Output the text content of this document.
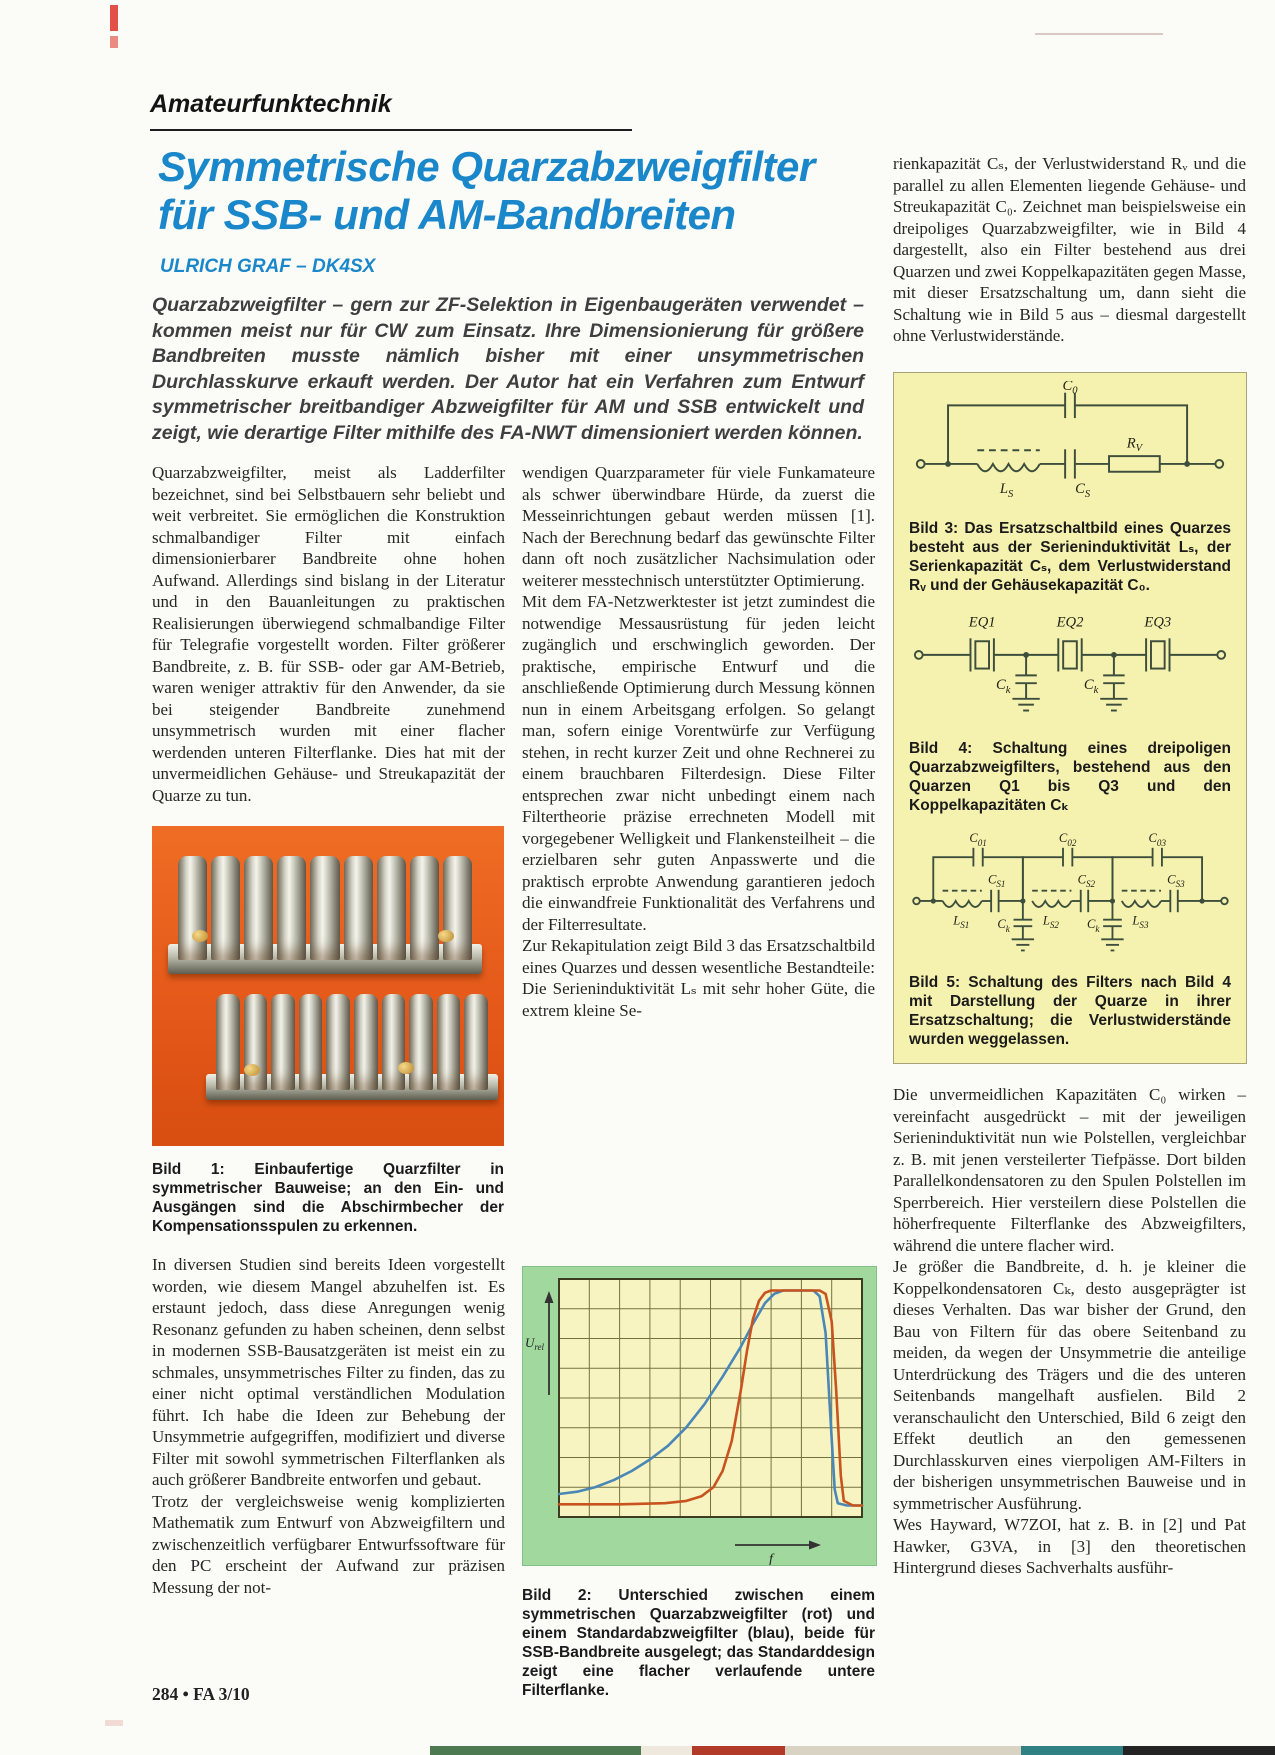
Amateurfunktechnik
Symmetrische Quarzabzweigfilter
für SSB- und AM-Bandbreiten
ULRICH GRAF – DK4SX
Quarzabzweigfilter – gern zur ZF-Selektion in Eigenbaugeräten verwendet – kommen meist nur für CW zum Einsatz. Ihre Dimensionierung für größere Bandbreiten musste nämlich bisher mit einer unsymmetrischen Durchlasskurve erkauft werden. Der Autor hat ein Verfahren zum Entwurf symmetrischer breitbandiger Abzweigfilter für AM und SSB entwickelt und zeigt, wie derartige Filter mithilfe des FA-NWT dimensioniert werden können.

Quarzabzweigfilter, meist als Ladderfilter bezeichnet, sind bei Selbstbauern sehr beliebt und weit verbreitet. Sie ermöglichen die Konstruktion schmalbandiger Filter mit einfach dimensionierbarer Bandbreite ohne hohen Aufwand. Allerdings sind bislang in der Literatur und in den Bauanleitungen zu praktischen Realisierungen überwiegend schmalbandige Filter für Telegrafie vorgestellt worden. Filter größerer Bandbreite, z. B. für SSB- oder gar AM-Betrieb, waren weniger attraktiv für den Anwender, da sie bei steigender Bandbreite zunehmend unsymmetrisch wurden mit einer flacher werdenden unteren Filterflanke. Dies hat mit der unvermeidlichen Gehäuse- und Streukapazität der Quarze zu tun.

Bild 1: Einbaufertige Quarzfilter in symmetrischer Bauweise; an den Ein- und Ausgängen sind die Abschirmbecher der Kompensationsspulen zu erkennen.

In diversen Studien sind bereits Ideen vorgestellt worden, wie diesem Mangel abzuhelfen ist. Es erstaunt jedoch, dass diese Anregungen wenig Resonanz gefunden zu haben scheinen, denn selbst in modernen SSB-Bausatzgeräten ist meist ein zu schmales, unsymmetrisches Filter zu finden, das zu einer nicht optimal verständlichen Modulation führt. Ich habe die Ideen zur Behebung der Unsymmetrie aufgegriffen, modifiziert und diverse Filter mit sowohl symmetrischen Filterflanken als auch größerer Bandbreite entworfen und gebaut.

Trotz der vergleichsweise wenig komplizierten Mathematik zum Entwurf von Abzweigfiltern und zwischenzeitlich verfügbarer Entwurfssoftware für den PC erscheint der Aufwand zur präzisen Messung der not-

wendigen Quarzparameter für viele Funkamateure als schwer überwindbare Hürde, da zuerst die Messeinrichtungen gebaut werden müssen [1]. Nach der Berechnung bedarf das gewünschte Filter dann oft noch zusätzlicher Nachsimulation oder weiterer messtechnisch unterstützter Optimierung.

Mit dem FA-Netzwerktester ist jetzt zumindest die notwendige Messausrüstung für jeden leicht zugänglich und erschwinglich geworden. Der praktische, empirische Entwurf und die anschließende Optimierung durch Messung können nun in einem Arbeitsgang erfolgen. So gelangt man, sofern einige Vorentwürfe zur Verfügung stehen, in recht kurzer Zeit und ohne Rechnerei zu einem brauchbaren Filterdesign. Diese Filter entsprechen zwar nicht unbedingt einem nach Filtertheorie präzise errechneten Modell mit vorgegebener Welligkeit und Flankensteilheit – die erzielbaren sehr guten Anpasswerte und die praktisch erprobte Anwendung garantieren jedoch die einwandfreie Funktionalität des Verfahrens und der Filterresultate.

Zur Rekapitulation zeigt Bild 3 das Ersatzschaltbild eines Quarzes und dessen wesentliche Bestandteile: Die Serieninduktivität Lₛ mit sehr hoher Güte, die extrem kleine Se-

$U_{rel}$
f
Bild 2: Unterschied zwischen einem symmetrischen Quarzabzweigfilter (rot) und einem Standardabzweigfilter (blau), beide für SSB-Bandbreite ausgelegt; das Standarddesign zeigt eine flacher verlaufende untere Filterflanke.

rienkapazität Cₛ, der Verlustwiderstand Rᵥ und die parallel zu allen Elementen liegende Gehäuse- und Streukapazität C₀. Zeichnet man beispielsweise ein dreipoliges Quarzabzweigfilter, wie in Bild 4 dargestellt, also ein Filter bestehend aus drei Quarzen und zwei Koppelkapazitäten gegen Masse, mit dieser Ersatzschaltung um, dann sieht die Schaltung wie in Bild 5 aus – diesmal dargestellt ohne Verlustwiderstände.

$C_0$
$L_S$	$C_S$
$R_V$
Bild 3: Das Ersatzschaltbild eines Quarzes besteht aus der Serieninduktivität Lₛ, der Serienkapazität Cₛ, dem Verlustwiderstand Rᵥ und der Gehäusekapazität C₀.
EQ1	EQ2	EQ3
$C_k$	$C_k$
Bild 4: Schaltung eines dreipoligen Quarzabzweigfilters, bestehend aus den Quarzen Q1 bis Q3 und den Koppelkapazitäten Cₖ
$C_{01}$
$L_{S1}$
$C_{S1}$
$C_k$
$C_{02}$
$L_{S2}$
$C_{S2}$
$C_k$
$C_{03}$
$L_{S3}$
$C_{S3}$
Bild 5: Schaltung des Filters nach Bild 4 mit Darstellung der Quarze in ihrer Ersatzschaltung; die Verlustwiderstände wurden weggelassen.

Die unvermeidlichen Kapazitäten C₀ wirken – vereinfacht ausgedrückt – mit der jeweiligen Serieninduktivität nun wie Polstellen, vergleichbar z. B. mit jenen versteilerter Tiefpässe. Dort bilden Parallelkondensatoren zu den Spulen Polstellen im Sperrbereich. Hier versteilern diese Polstellen die höherfrequente Filterflanke des Abzweigfilters, während die untere flacher wird.

Je größer die Bandbreite, d. h. je kleiner die Koppelkondensatoren Cₖ, desto ausgeprägter ist dieses Verhalten. Das war bisher der Grund, den Bau von Filtern für das obere Seitenband zu meiden, da wegen der Unsymmetrie die anteilige Unterdrückung des Trägers und die des unteren Seitenbands mangelhaft ausfielen. Bild 2 veranschaulicht den Unterschied, Bild 6 zeigt den Effekt deutlich an den gemessenen Durchlasskurven eines vierpoligen AM-Filters in der bisherigen unsymmetrischen Bauweise und in symmetrischer Ausführung.

Wes Hayward, W7ZOI, hat z. B. in [2] und Pat Hawker, G3VA, in [3] den theoretischen Hintergrund dieses Sachverhalts ausführ-

284 • FA 3/10
